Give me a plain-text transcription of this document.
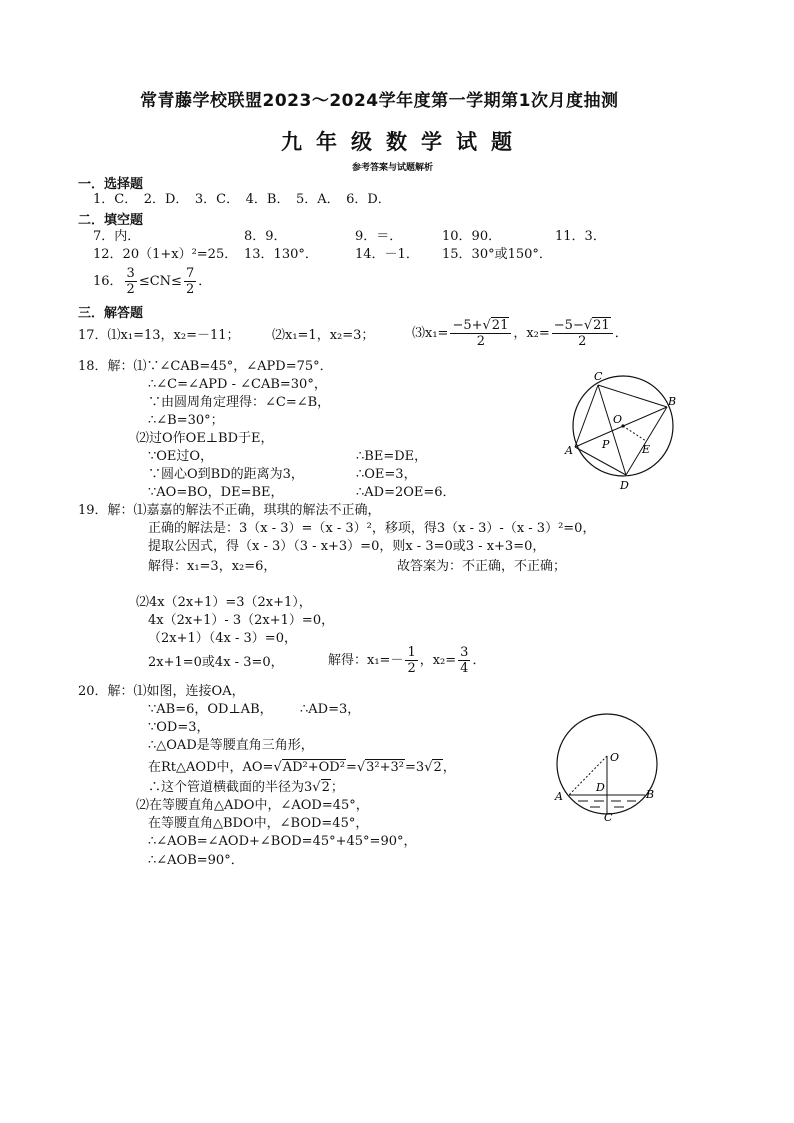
常青藤学校联盟2023～2024学年度第一学期第1次月度抽测
九年级数学试题
参考答案与试题解析
一．选择题
1．C．　2．D．　3．C．　4．B．　5．A．　6．D．
二．填空题
7．内．	8．9．	9．＝．	10．90．	11．3．
12．20（1+x）²=25． 13．130°．	14．－1． 15．30°或150°．
16． $\frac{3}{2} \le CN\le \frac{7}{2}$ ．
三．解答题
17．⑴x₁=13，x₂=－11；	⑵x₁=1，x₂=3；	⑶x₁= $\frac{-5+√21}{2}$ ，$x_2= \frac{-5-√21}{2}$ ．
18．解：⑴∵∠CAB=45°，∠APD=75°．
∴∠C=∠APD - ∠CAB=30°，
∵由圆周角定理得：∠C=∠B，
∴∠B=30°；
⑵过O作OE⊥BD于E，
∵OE过O，	∴BE=DE，
∵圆心O到BD的距离为3，	∴OE=3，
∵AO=BO，DE=BE，	∴AD=2OE=6．
C
B
O
P	E
A
D
19．解：⑴嘉嘉的解法不正确，琪琪的解法不正确，
正确的解法是：3（x - 3）=（x - 3）²，移项，得3（x - 3）-（x - 3）²=0，
提取公因式，得（x - 3）（3 - x+3）=0，则x - 3=0或3 - x+3=0，
解得：x₁=3，x₂=6，	故答案为：不正确，不正确；
⑵4x（2x+1）=3（2x+1），
4x（2x+1）- 3（2x+1）=0，
（2x+1）（4x - 3）=0，
2x+1=0或4x - 3=0，	解得：$x_1=- \frac{1}{2}$ ，$x_2= \frac{3}{4}$ ．
20．解：⑴如图，连接OA，
∵AB=6，OD⊥AB， ∴AD=3，
∵OD=3，
∴△OAD是等腰直角三角形，
在Rt△AOD中，AO=√AD²+OD²=√3²+3²=3√2，
∴这个管道横截面的半径为3√2；
⑵在等腰直角△ADO中，∠AOD=45°，
在等腰直角△BDO中，∠BOD=45°，
∴∠AOB=∠AOD+∠BOD=45°+45°=90°，
∴∠AOB=90°．
O
D
A	B
C
